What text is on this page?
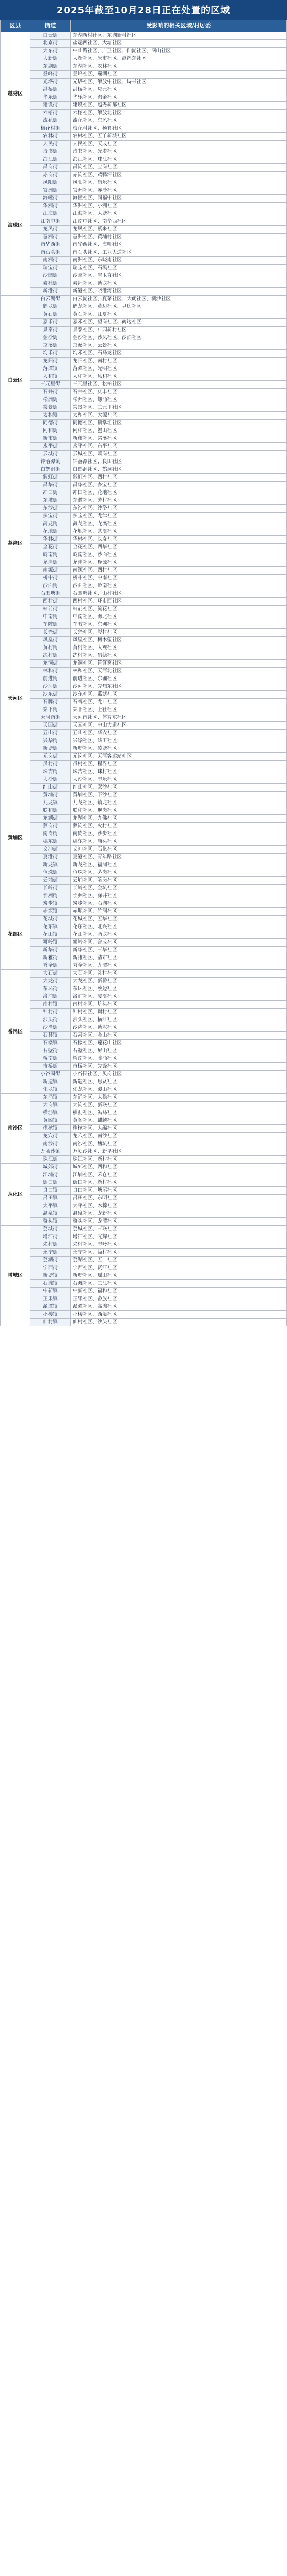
2025年截至10月28日正在处置的区域
区县	街道	受影响的相关区域/村居委
越秀区	白云街	东湖新村社区、东湖新村社区
	北京街	盐运西社区、大塘社区
	大东街	中山路社区、广卫社区、仙湖社区、图山社区
	大新街	大新社区、米市社区、惠福东社区
	东湖街	东湖社区、农林社区
	登峰街	登峰社区、麓湖社区
	光塔街	光塔社区、解放中社区、诗书社区
	洪桥街	洪桥社区、应元社区
	华乐街	华乐社区、淘金社区
	建设街	建设社区、越秀新都社区
	六榕街	六榕社区、解放北社区
	流花街	流花社区、东风社区
	梅花村街	梅花村社区、杨箕社区
	农林街	农林社区、五羊新城社区
	人民街	人民社区、天成社区
	诗书街	诗书社区、光塔社区
海珠区	滨江街	滨江社区、珠江社区
	昌岗街	昌岗社区、宝岗社区
	赤岗街	赤岗社区、鸡鸭滘社区
	凤阳街	凤阳社区、康乐社区
	官洲街	官洲社区、赤沙社区
	海幢街	海幢社区、同福中社区
	华洲街	华洲社区、小洲社区
	江海街	江海社区、大塘社区
	江南中街	江南中社区、南华西社区
	龙凤街	龙凤社区、紫来社区
	琶洲街	琶洲社区、黄埔村社区
	南华西街	南华西社区、海幢社区
	南石头街	南石头社区、工业大道社区
	南洲街	南洲社区、东晓南社区
	瑞宝街	瑞宝社区、石溪社区
	沙园街	沙园社区、宝玉直社区
	素社街	素社社区、紫龙社区
	新港街	新港社区、晓港湾社区
白云区	白云湖街	白云湖社区、夏茅社区、大朗社区、横沙社区
	鹤龙街	鹤龙社区、黄边社区、尹边社区
	黄石街	黄石社区、江夏社区
	嘉禾街	嘉禾社区、望岗社区、鹤边社区
	景泰街	景泰社区、广园新村社区
	金沙街	金沙社区、沙凤社区、沙涌社区
	京溪街	京溪社区、云景社区
	均禾街	均禾社区、石马龙社区
	龙归街	龙归社区、南村社区
	落潭镇	落潭社区、光明社区
	人和镇	人和社区、凤和社区
	三元里街	三元里社区、松柏社区
	石井街	石井社区、庆丰社区
	松洲街	松洲社区、螺涌社区
	棠景街	棠景社区、三元里社区
	太和镇	太和社区、大源社区
	同德街	同德社区、鹅掌坦社区
	同和街	同和社区、蟹山社区
	新市街	新市社区、棠溪社区
	永平街	永平社区、东平社区
	云城街	云城社区、萧岗社区
	钟落潭镇	钟落潭社区、良田社区
荔湾区	白鹤洞街	白鹤洞社区、鹤洞社区
	彩虹街	彩虹社区、西村社区
	昌华街	昌华社区、多宝社区
	冲口街	冲口社区、花地社区
	东漖街	东漖社区、芳村社区
	东沙街	东沙社区、沙洛社区
	多宝街	多宝社区、龙津社区
	海龙街	海龙社区、龙溪社区
	花地街	花地社区、茶滘社区
	华林街	华林社区、长寿社区
	金花街	金花社区、西华社区
	岭南街	岭南社区、沙面社区
	龙津街	龙津社区、逢源社区
	南源街	南源社区、西村社区
	桥中街	桥中社区、中南社区
	沙面街	沙面社区、岭南社区
	石围塘街	石围塘社区、山村社区
	西村街	西村社区、环市西社区
	站前街	站前社区、流花社区
	中南街	中南社区、海北社区
天河区	车陂街	车陂社区、东圃社区
	长兴街	长兴社区、岑村社区
	凤凰街	凤凰社区、柯木塱社区
	黄村街	黄村社区、大观社区
	冼村街	冼村社区、猎德社区
	龙洞街	龙洞社区、筲箕窝社区
	林和街	林和社区、天河北社区
	前进街	前进社区、东圃社区
	沙河街	沙河社区、先烈东社区
	沙东街	沙东社区、燕塘社区
	石牌街	石牌社区、龙口社区
	棠下街	棠下社区、上社社区
	天河南街	天河南社区、体育东社区
	天园街	天园社区、中山大道社区
	五山街	五山社区、华农社区
	兴华街	兴华社区、华工社区
	新塘街	新塘社区、凌塘社区
	元岗街	元岗社区、天河客运站社区
	员村街	员村社区、程界社区
	珠吉街	珠吉社区、珠村社区
黄埔区	大沙街	大沙社区、丰乐社区
	红山街	红山社区、双沙社区
	黄埔街	黄埔社区、下沙社区
	九龙镇	九龙社区、镇龙社区
	联和街	联和社区、暹岗社区
	龙湖街	龙湖社区、九佛社区
	萝岗街	萝岗社区、火村社区
	南岗街	南岗社区、沙步社区
	穗东街	穗东社区、庙头社区
	文冲街	文冲社区、石化社区
	夏港街	夏港社区、青年路社区
	新龙镇	新龙社区、福洞社区
	鱼珠街	鱼珠社区、茅岗社区
	云埔街	云埔社区、笔岗社区
	长岭街	长岭社区、金坑社区
	长洲街	长洲社区、深井社区
花都区	炭步镇	炭步社区、石湖社区
	赤坭镇	赤坭社区、竹洞社区
	花城街	花城社区、五华社区
	花东镇	花东社区、北兴社区
	花山镇	花山社区、两龙社区
	狮岭镇	狮岭社区、合成社区
	新华街	新华社区、三华社区
	新雅街	新雅社区、清布社区
	秀全街	秀全社区、九潭社区
番禺区	大石街	大石社区、礼村社区
	大龙街	大龙社区、新桥社区
	东环街	东环社区、蔡边社区
	洛浦街	洛浦社区、厦滘社区
	南村镇	南村社区、坑头社区
	钟村街	钟村社区、谢村社区
	沙头街	沙头社区、横江社区
	沙湾街	沙湾社区、紫坭社区
	石碁镇	石碁社区、金山社区
	石楼镇	石楼社区、莲花山社区
	石壁街	石壁社区、屏山社区
	桥南街	桥南社区、陈涌社区
	市桥街	市桥社区、先锋社区
	小谷围街	小谷围社区、贝岗社区
	新造镇	新造社区、思贤社区
	化龙镇	化龙社区、潭山社区
南沙区	东涌镇	东涌社区、大稳社区
	大岗镇	大岗社区、新联社区
	横沥镇	横沥社区、冯马社区
	黄阁镇	黄阁社区、麒麟社区
	榄核镇	榄核社区、人绵社区
	龙穴街	龙穴社区、南沙社区
	南沙街	南沙社区、塘坑社区
	万顷沙镇	万顷沙社区、新垦社区
	珠江街	珠江社区、新村社区
从化区	城郊街	城郊社区、西和社区
	江埔街	江埔社区、禾仓社区
	街口街	街口社区、新村社区
	良口镇	良口社区、塘尾社区
	吕田镇	吕田社区、东明社区
	太平镇	太平社区、木棉社区
	温泉镇	温泉社区、龙新社区
	鳌头镇	鳌头社区、龙潭社区
增城区	荔城街	荔城社区、三联社区
	增江街	增江社区、光辉社区
	朱村街	朱村社区、丰岭社区
	永宁街	永宁社区、简村社区
	荔湖街	荔湖社区、五一社区
	宁西街	宁西社区、贤江社区
	新塘镇	新塘社区、瑶田社区
	石滩镇	石滩社区、三江社区
	中新镇	中新社区、福和社区
	正果镇	正果社区、畲族社区
	派潭镇	派潭社区、高滩社区
	小楼镇	小楼社区、西境社区
	仙村镇	仙村社区、沙头社区
